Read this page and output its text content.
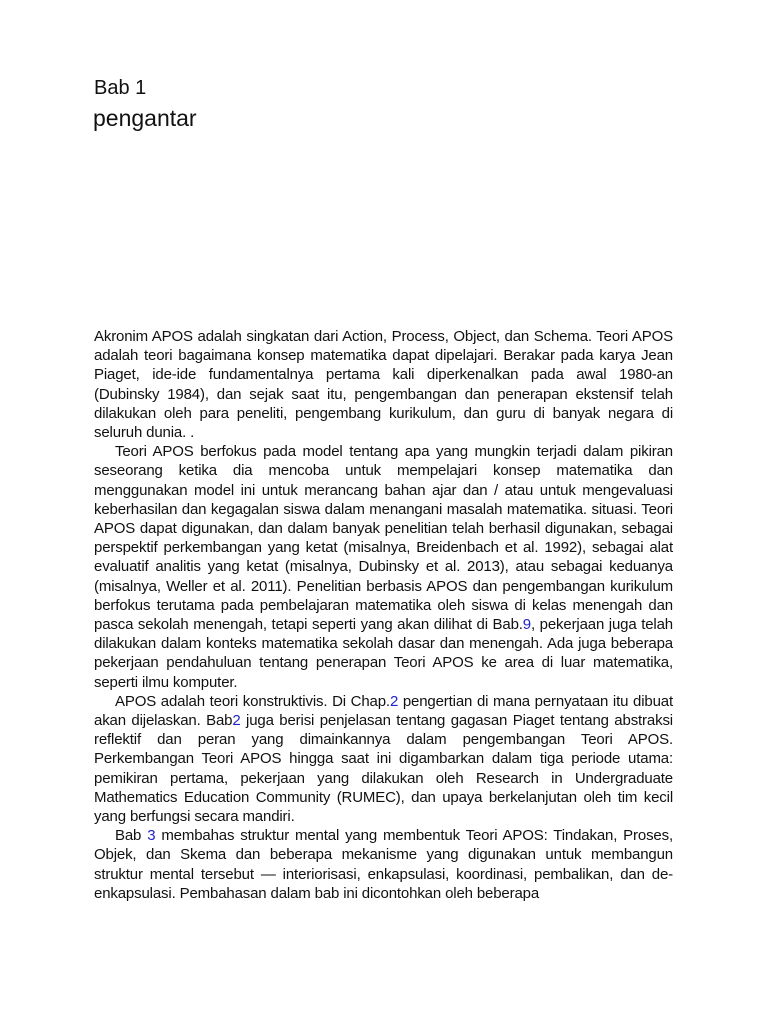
Bab 1
pengantar

Akronim APOS adalah singkatan dari Action, Process, Object, dan Schema. Teori APOS adalah teori bagaimana konsep matematika dapat dipelajari. Berakar pada karya Jean Piaget, ide-ide fundamentalnya pertama kali diperkenalkan pada awal 1980-an (Dubinsky 1984), dan sejak saat itu, pengembangan dan penerapan ekstensif telah dilakukan oleh para peneliti, pengembang kurikulum, dan guru di banyak negara di seluruh dunia. .

Teori APOS berfokus pada model tentang apa yang mungkin terjadi dalam pikiran seseorang ketika dia mencoba untuk mempelajari konsep matematika dan menggunakan model ini untuk merancang bahan ajar dan / atau untuk mengevaluasi keberhasilan dan kegagalan siswa dalam menangani masalah matematika. situasi. Teori APOS dapat digunakan, dan dalam banyak penelitian telah berhasil digunakan, sebagai perspektif perkembangan yang ketat (misalnya, Breidenbach et al. 1992), sebagai alat evaluatif analitis yang ketat (misalnya, Dubinsky et al. 2013), atau sebagai keduanya (misalnya, Weller et al. 2011). Penelitian berbasis APOS dan pengembangan kurikulum berfokus terutama pada pembelajaran matematika oleh siswa di kelas menengah dan pasca sekolah menengah, tetapi seperti yang akan dilihat di Bab.9, pekerjaan juga telah dilakukan dalam konteks matematika sekolah dasar dan menengah. Ada juga beberapa pekerjaan pendahuluan tentang penerapan Teori APOS ke area di luar matematika, seperti ilmu komputer.

APOS adalah teori konstruktivis. Di Chap.2 pengertian di mana pernyataan itu dibuat akan dijelaskan. Bab2 juga berisi penjelasan tentang gagasan Piaget tentang abstraksi reflektif dan peran yang dimainkannya dalam pengembangan Teori APOS. Perkembangan Teori APOS hingga saat ini digambarkan dalam tiga periode utama: pemikiran pertama, pekerjaan yang dilakukan oleh Research in Undergraduate Mathematics Education Community (RUMEC), dan upaya berkelanjutan oleh tim kecil yang berfungsi secara mandiri.

Bab 3 membahas struktur mental yang membentuk Teori APOS: Tindakan, Proses, Objek, dan Skema dan beberapa mekanisme yang digunakan untuk membangun struktur mental tersebut — interiorisasi, enkapsulasi, koordinasi, pembalikan, dan de-enkapsulasi. Pembahasan dalam bab ini dicontohkan oleh beberapa
